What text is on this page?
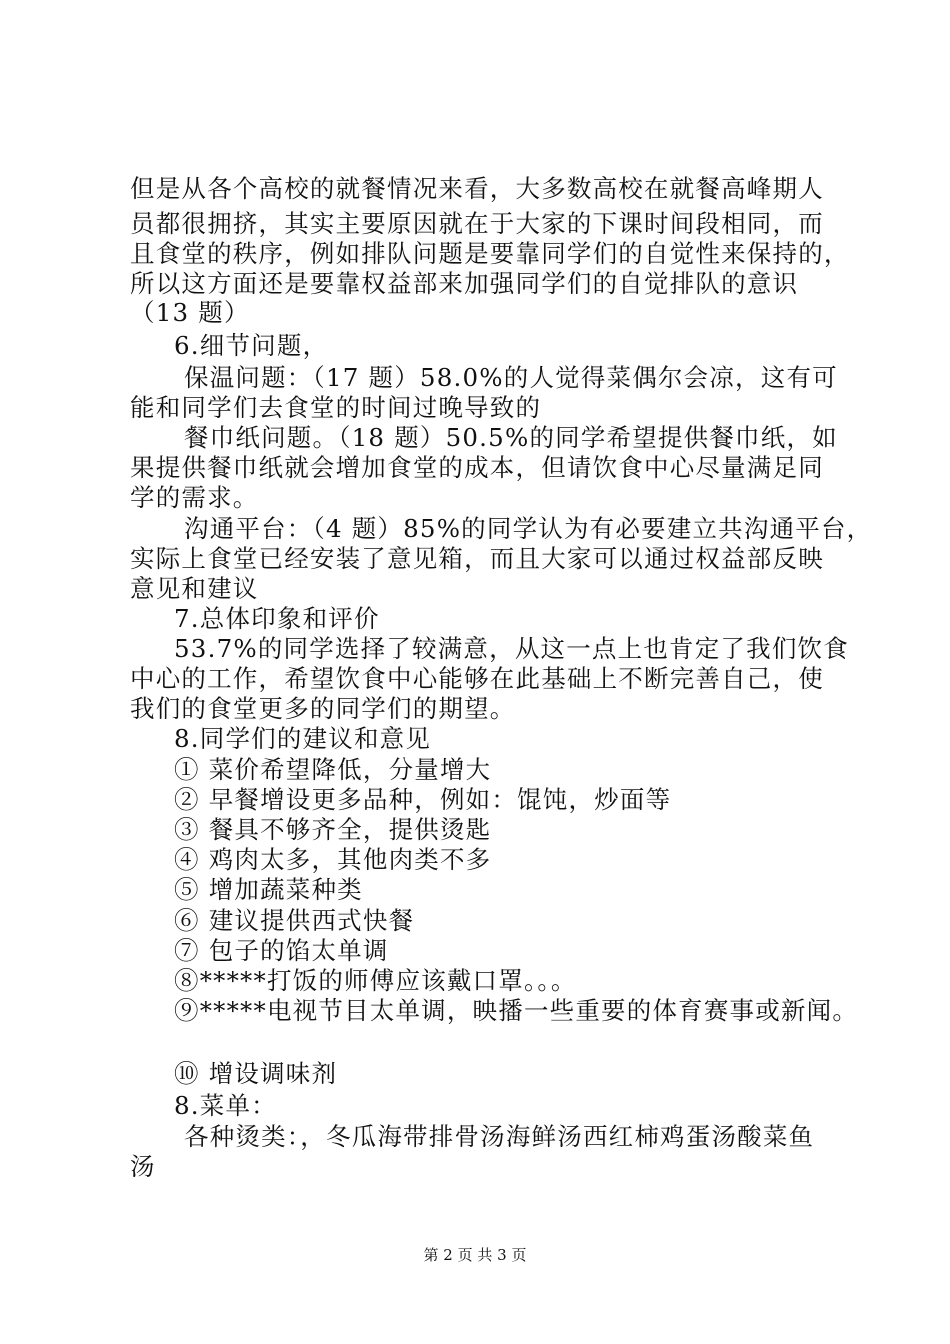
但是从各个高校的就餐情况来看，大多数高校在就餐高峰期人
员都很拥挤，其实主要原因就在于大家的下课时间段相同，而
且食堂的秩序，例如排队问题是要靠同学们的自觉性来保持的，
所以这方面还是要靠权益部来加强同学们的自觉排队的意识
（13 题）
6.细节问题，
保温问题：（17 题）58.0%的人觉得菜偶尔会凉，这有可
能和同学们去食堂的时间过晚导致的
餐巾纸问题。（18 题）50.5%的同学希望提供餐巾纸，如
果提供餐巾纸就会增加食堂的成本，但请饮食中心尽量满足同
学的需求。
沟通平台：（4 题）85%的同学认为有必要建立共沟通平台，
实际上食堂已经安装了意见箱，而且大家可以通过权益部反映
意见和建议
7.总体印象和评价
53.7%的同学选择了较满意，从这一点上也肯定了我们饮食
中心的工作，希望饮食中心能够在此基础上不断完善自己，使
我们的食堂更多的同学们的期望。
8.同学们的建议和意见
① 菜价希望降低，分量增大
② 早餐增设更多品种，例如：馄饨，炒面等
③ 餐具不够齐全，提供烫匙
④ 鸡肉太多，其他肉类不多
⑤ 增加蔬菜种类
⑥ 建议提供西式快餐
⑦ 包子的馅太单调
⑧*****打饭的师傅应该戴口罩。。。
⑨*****电视节目太单调，映播一些重要的体育赛事或新闻。
⑩ 增设调味剂
8.菜单：
各种烫类：，冬瓜海带排骨汤海鲜汤西红柿鸡蛋汤酸菜鱼
汤
第 2 页 共 3 页
